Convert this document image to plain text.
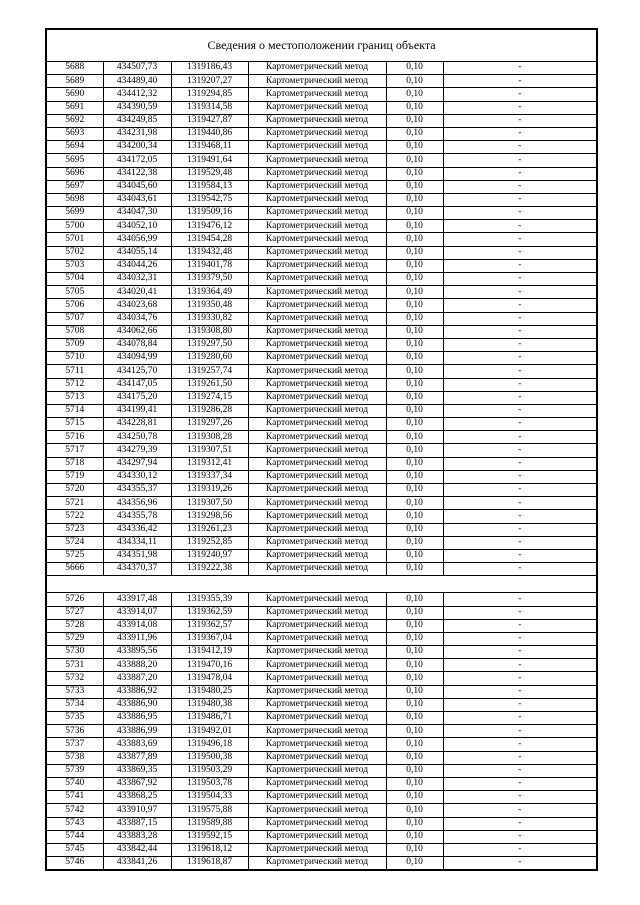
Сведения о местоположении границ объекта					
5688	434507,73	1319186,43	Картометрический метод	0,10	-
5689	434489,40	1319207,27	Картометрический метод	0,10	-
5690	434412,32	1319294,85	Картометрический метод	0,10	-
5691	434390,59	1319314,58	Картометрический метод	0,10	-
5692	434249,85	1319427,87	Картометрический метод	0,10	-
5693	434231,98	1319440,86	Картометрический метод	0,10	-
5694	434200,34	1319468,11	Картометрический метод	0,10	-
5695	434172,05	1319491,64	Картометрический метод	0,10	-
5696	434122,38	1319529,48	Картометрический метод	0,10	-
5697	434045,60	1319584,13	Картометрический метод	0,10	-
5698	434043,61	1319542,75	Картометрический метод	0,10	-
5699	434047,30	1319509,16	Картометрический метод	0,10	-
5700	434052,10	1319476,12	Картометрический метод	0,10	-
5701	434056,99	1319454,28	Картометрический метод	0,10	-
5702	434055,14	1319432,48	Картометрический метод	0,10	-
5703	434044,26	1319401,78	Картометрический метод	0,10	-
5704	434032,31	1319379,50	Картометрический метод	0,10	-
5705	434020,41	1319364,49	Картометрический метод	0,10	-
5706	434023,68	1319350,48	Картометрический метод	0,10	-
5707	434034,76	1319330,82	Картометрический метод	0,10	-
5708	434062,66	1319308,80	Картометрический метод	0,10	-
5709	434078,84	1319297,50	Картометрический метод	0,10	-
5710	434094,99	1319280,60	Картометрический метод	0,10	-
5711	434125,70	1319257,74	Картометрический метод	0,10	-
5712	434147,05	1319261,50	Картометрический метод	0,10	-
5713	434175,20	1319274,15	Картометрический метод	0,10	-
5714	434199,41	1319286,28	Картометрический метод	0,10	-
5715	434228,81	1319297,26	Картометрический метод	0,10	-
5716	434250,78	1319308,28	Картометрический метод	0,10	-
5717	434279,39	1319307,51	Картометрический метод	0,10	-
5718	434297,94	1319312,41	Картометрический метод	0,10	-
5719	434330,12	1319337,34	Картометрический метод	0,10	-
5720	434355,37	1319319,26	Картометрический метод	0,10	-
5721	434356,96	1319307,50	Картометрический метод	0,10	-
5722	434355,78	1319298,56	Картометрический метод	0,10	-
5723	434336,42	1319261,23	Картометрический метод	0,10	-
5724	434334,11	1319252,85	Картометрический метод	0,10	-
5725	434351,98	1319240,97	Картометрический метод	0,10	-
5666	434370,37	1319222,38	Картометрический метод	0,10	-

5726	433917,48	1319355,39	Картометрический метод	0,10	-
5727	433914,07	1319362,59	Картометрический метод	0,10	-
5728	433914,08	1319362,57	Картометрический метод	0,10	-
5729	433911,96	1319367,04	Картометрический метод	0,10	-
5730	433895,56	1319412,19	Картометрический метод	0,10	-
5731	433888,20	1319470,16	Картометрический метод	0,10	-
5732	433887,20	1319478,04	Картометрический метод	0,10	-
5733	433886,92	1319480,25	Картометрический метод	0,10	-
5734	433886,90	1319480,38	Картометрический метод	0,10	-
5735	433886,95	1319486,71	Картометрический метод	0,10	-
5736	433886,99	1319492,01	Картометрический метод	0,10	-
5737	433883,69	1319496,18	Картометрический метод	0,10	-
5738	433877,89	1319500,38	Картометрический метод	0,10	-
5739	433869,35	1319503,29	Картометрический метод	0,10	-
5740	433867,92	1319503,78	Картометрический метод	0,10	-
5741	433868,25	1319504,33	Картометрический метод	0,10	-
5742	433910,97	1319575,88	Картометрический метод	0,10	-
5743	433887,15	1319589,88	Картометрический метод	0,10	-
5744	433883,28	1319592,15	Картометрический метод	0,10	-
5745	433842,44	1319618,12	Картометрический метод	0,10	-
5746	433841,26	1319618,87	Картометрический метод	0,10	-
